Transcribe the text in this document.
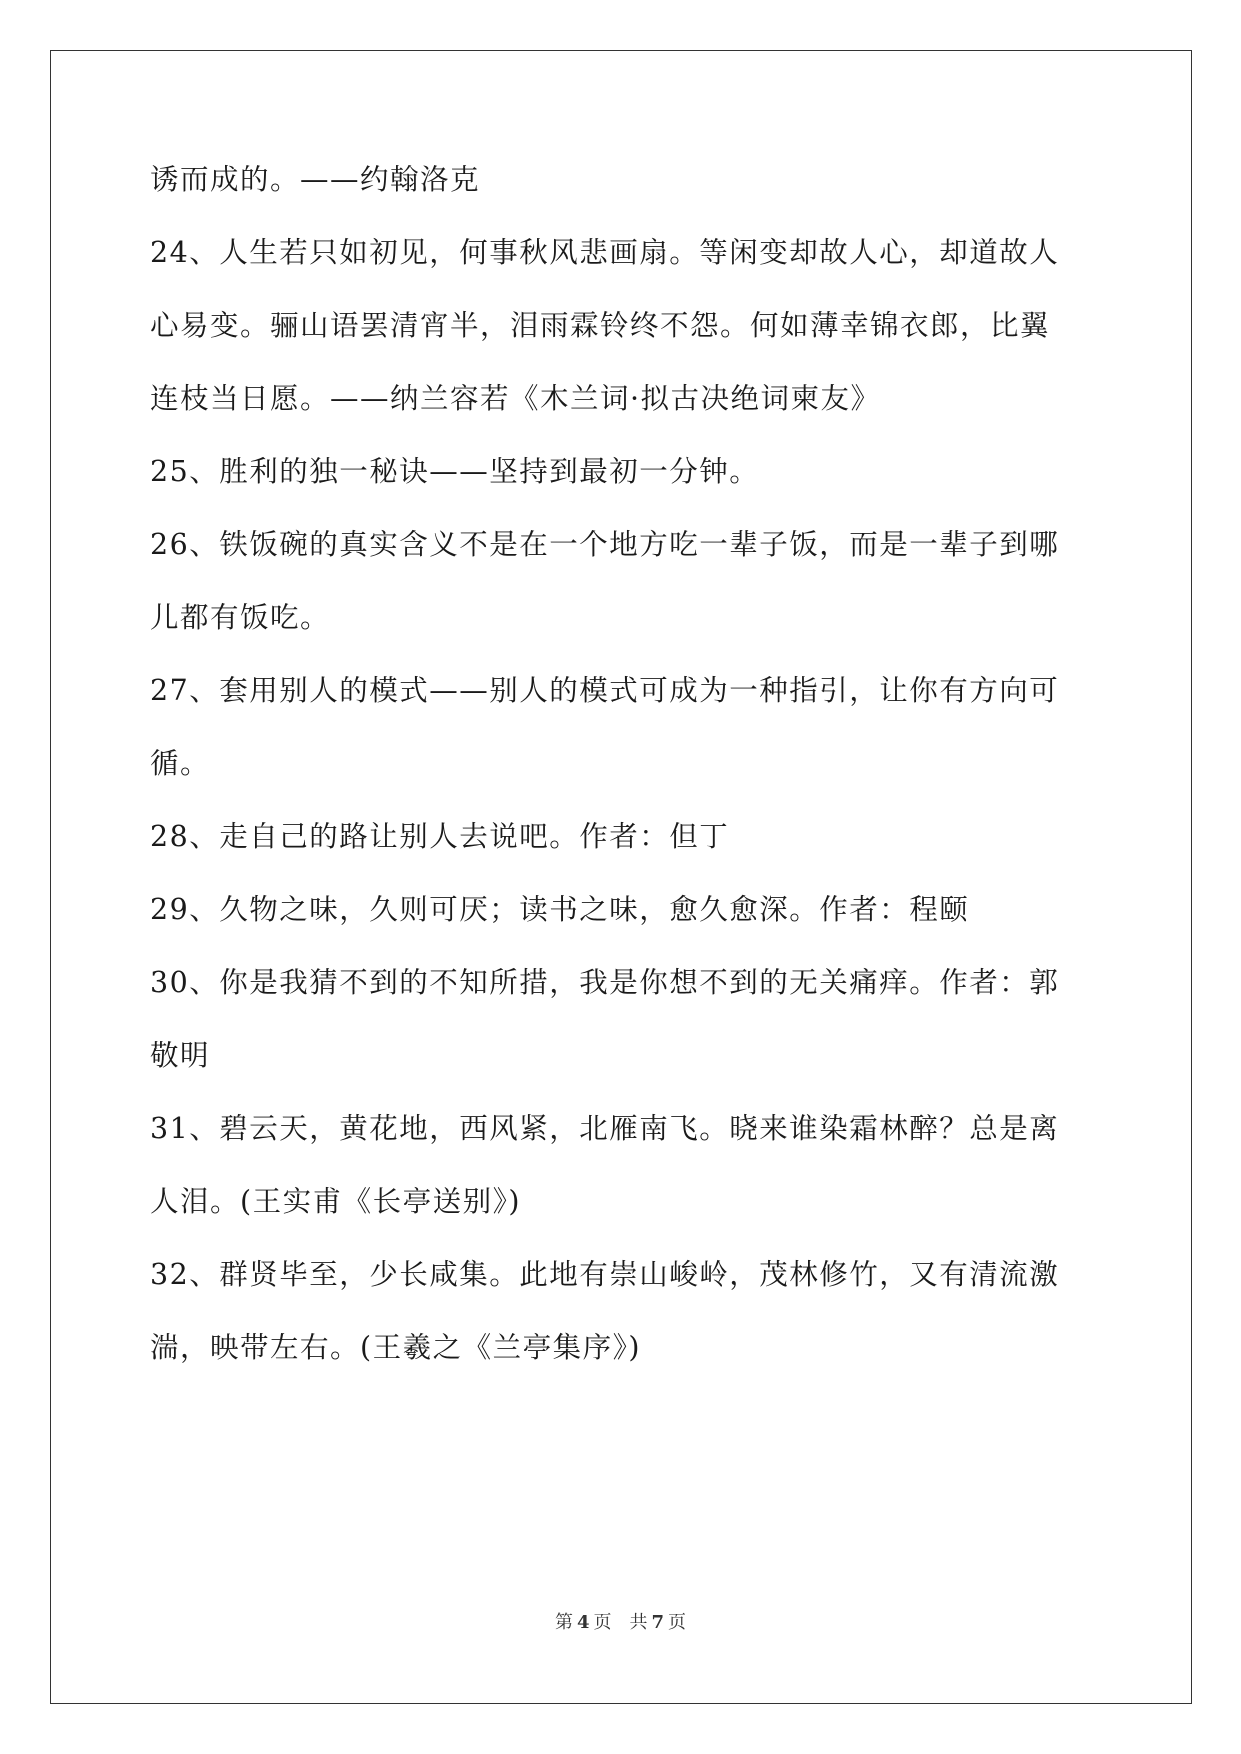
诱而成的。——约翰洛克
24、人生若只如初见，何事秋风悲画扇。等闲变却故人心，却道故人
心易变。骊山语罢清宵半，泪雨霖铃终不怨。何如薄幸锦衣郎，比翼
连枝当日愿。——纳兰容若《木兰词·拟古决绝词柬友》
25、胜利的独一秘诀——坚持到最初一分钟。
26、铁饭碗的真实含义不是在一个地方吃一辈子饭，而是一辈子到哪
儿都有饭吃。
27、套用别人的模式——别人的模式可成为一种指引，让你有方向可
循。
28、走自己的路让别人去说吧。作者：但丁
29、久物之味，久则可厌；读书之味，愈久愈深。作者：程颐
30、你是我猜不到的不知所措，我是你想不到的无关痛痒。作者：郭
敬明
31、碧云天，黄花地，西风紧，北雁南飞。晓来谁染霜林醉？总是离
人泪。(王实甫《长亭送别》)
32、群贤毕至，少长咸集。此地有崇山峻岭，茂林修竹，又有清流激
湍，映带左右。(王羲之《兰亭集序》)
第 4 页 共 7 页
